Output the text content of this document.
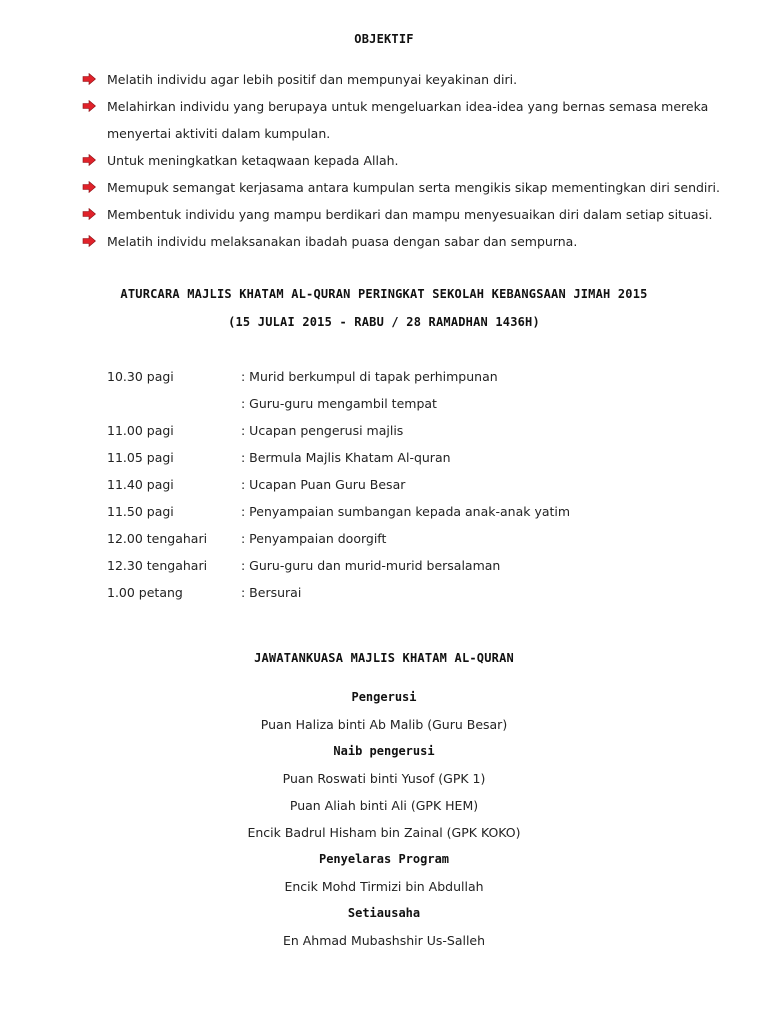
OBJEKTIF
Melatih individu agar lebih positif dan mempunyai keyakinan diri.
Melahirkan individu yang berupaya untuk mengeluarkan idea-idea yang bernas semasa mereka menyertai aktiviti dalam kumpulan.
Untuk meningkatkan ketaqwaan kepada Allah.
Memupuk semangat kerjasama antara kumpulan serta mengikis sikap mementingkan diri sendiri.
Membentuk individu yang mampu berdikari dan mampu menyesuaikan diri dalam setiap situasi.
Melatih individu melaksanakan ibadah puasa dengan sabar dan sempurna.
ATURCARA MAJLIS KHATAM AL-QURAN PERINGKAT SEKOLAH KEBANGSAAN JIMAH 2015
(15 JULAI 2015 - RABU / 28 RAMADHAN 1436H)
10.30 pagi	: Murid berkumpul di tapak perhimpunan
: Guru-guru mengambil tempat
11.00 pagi	: Ucapan pengerusi majlis
11.05 pagi	: Bermula Majlis Khatam Al-quran
11.40 pagi	: Ucapan Puan Guru Besar
11.50 pagi	: Penyampaian sumbangan kepada anak-anak yatim
12.00 tengahari	: Penyampaian doorgift
12.30 tengahari	: Guru-guru dan murid-murid bersalaman
1.00 petang	: Bersurai
JAWATANKUASA MAJLIS KHATAM AL-QURAN
Pengerusi
Puan Haliza binti Ab Malib (Guru Besar)
Naib pengerusi
Puan Roswati binti Yusof (GPK 1)
Puan Aliah binti Ali (GPK HEM)
Encik Badrul Hisham bin Zainal (GPK KOKO)
Penyelaras Program
Encik Mohd Tirmizi bin Abdullah
Setiausaha
En Ahmad Mubashshir Us-Salleh
